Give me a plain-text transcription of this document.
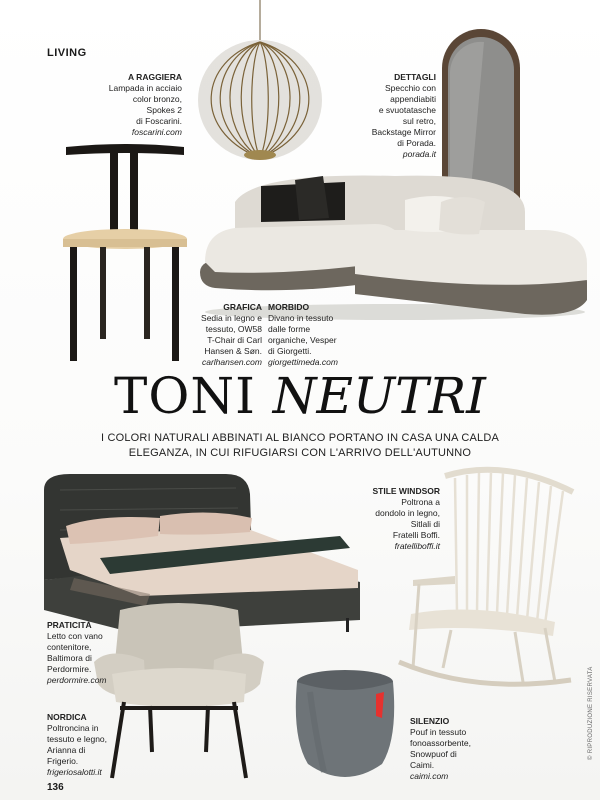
LIVING
A RAGGIERA
Lampada in acciaio
color bronzo,
Spokes 2
di Foscarini.
foscarini.com
DETTAGLI
Specchio con
appendiabiti
e svuotatasche
sul retro,
Backstage Mirror
di Porada.
porada.it
GRAFICA
Sedia in legno e
tessuto, OW58
T-Chair di Carl
Hansen & Søn.
carlhansen.com
MORBIDO
Divano in tessuto
dalle forme
organiche, Vesper
di Giorgetti.
giorgettimeda.com
TONI NEUTRI
I COLORI NATURALI ABBINATI AL BIANCO PORTANO IN CASA UNA CALDA
ELEGANZA, IN CUI RIFUGIARSI CON L'ARRIVO DELL'AUTUNNO
STILE WINDSOR
Poltrona a
dondolo in legno,
Sitlali di
Fratelli Boffi.
fratelliboffi.it
PRATICITÀ
Letto con vano
contenitore,
Baltimora di
Perdormire.
perdormire.com
NORDICA
Poltroncina in
tessuto e legno,
Arianna di
Frigerio.
frigeriosalotti.it
SILENZIO
Pouf in tessuto
fonoassorbente,
Snowpuof di
Caimi.
caimi.com
136
© RIPRODUZIONE RISERVATA
